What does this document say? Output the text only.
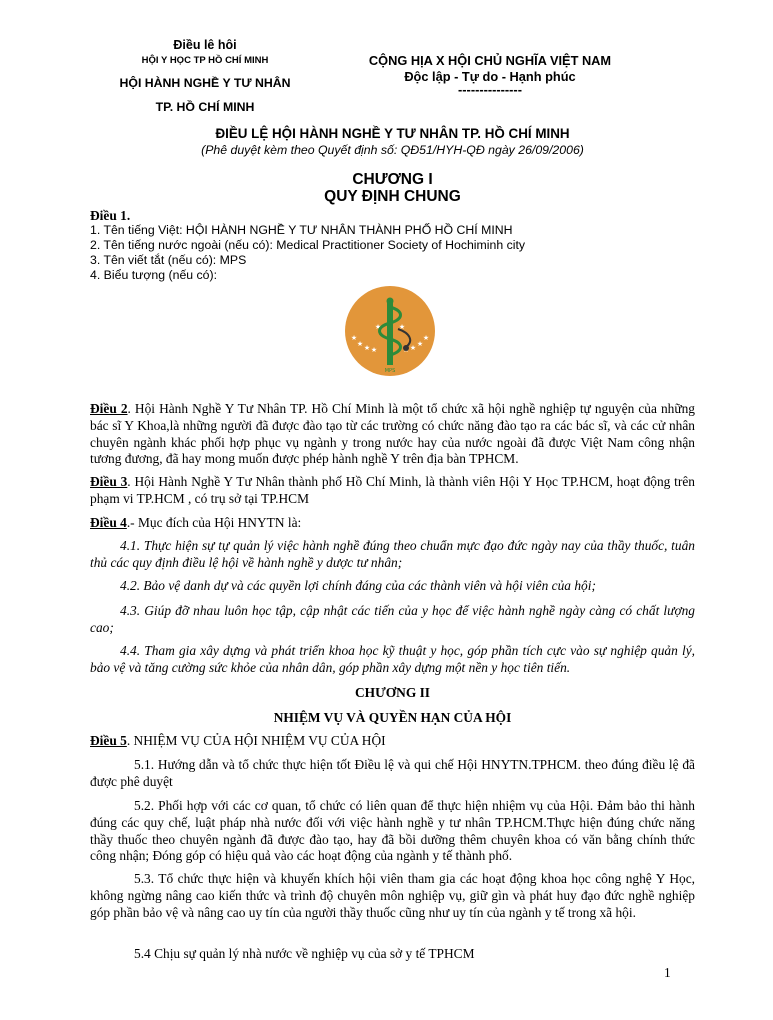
Điều lê hôi
HỘI Y HỌC TP HỒ CHÍ MINH
HỘI HÀNH NGHỀ Y TƯ NHÂN
TP. HỒ CHÍ MINH
CỘNG HỊA X HỘI CHỦ NGHĨA VIỆT NAM
Độc lập - Tự do - Hạnh phúc
---------------
ĐIỀU LỆ HỘI HÀNH NGHỀ Y TƯ NHÂN TP. HỒ CHÍ MINH
(Phê duyệt kèm theo Quyết định số: QĐ51/HYH-QĐ ngày 26/09/2006)
CHƯƠNG I
QUY ĐỊNH CHUNG
Điều 1.
1. Tên tiếng Việt: HỘI HÀNH NGHỀ Y TƯ NHÂN THÀNH PHỐ HỒ CHÍ MINH
2. Tên tiếng nước ngoài (nếu có): Medical Practitioner Society of Hochiminh city
3. Tên viết tắt (nếu có): MPS
4. Biểu tượng (nếu có):
★
★ ★ ★	★ ★
★
★	★
MPS
Điều 2. Hội Hành Nghề Y Tư Nhân TP. Hồ Chí Minh là một tổ chức xã hội nghề nghiệp tự nguyện của những bác sĩ Y Khoa,là những người đã được đào tạo từ các trường có chức năng đào tạo ra các bác sĩ, và các cử nhân chuyên ngành khác phối hợp phục vụ ngành y trong nước hay của nước ngoài đã được Việt Nam công nhận tương đương, đã hay mong muốn được phép hành nghề Y trên địa bàn TPHCM.
Điều 3. Hội Hành Nghề Y Tư Nhân thành phố Hồ Chí Minh, là thành viên Hội Y Học TP.HCM, hoạt động trên phạm vi TP.HCM , có trụ sở tại TP.HCM
Điều 4.- Mục đích của Hội HNYTN là:
4.1. Thực hiện sự tự quản lý việc hành nghề đúng theo chuẩn mực đạo đức ngày nay của thầy thuốc, tuân thủ các quy định điều lệ hội về hành nghề y dược tư nhân;
4.2. Bảo vệ danh dự và các quyền lợi chính đáng của các thành viên và hội viên của hội;
4.3. Giúp đỡ nhau luôn học tập, cập nhật các tiến của y học để việc hành nghề ngày càng có chất lượng cao;
4.4. Tham gia xây dựng và phát triển khoa học kỹ thuật y học, góp phần tích cực vào sự nghiệp quản lý, bảo vệ và tăng cường sức khỏe của nhân dân, góp phần xây dựng một nền y học tiên tiến.
CHƯƠNG II
NHIỆM VỤ VÀ QUYỀN HẠN CỦA HỘI
Điều 5. NHIỆM VỤ CỦA HỘI NHIỆM VỤ CỦA HỘI
5.1. Hướng dẫn và tổ chức thực hiện tốt Điều lệ và qui chế Hội HNYTN.TPHCM. theo đúng điều lệ đã được phê duyệt
5.2. Phối hợp với các cơ quan, tổ chức có liên quan để thực hiện nhiệm vụ của Hội. Đảm bảo thi hành đúng các quy chế, luật pháp nhà nước đối với việc hành nghề y tư nhân TP.HCM.Thực hiện đúng chức năng thầy thuốc theo chuyên ngành đã được đào tạo, hay đã bồi dưỡng thêm chuyên khoa có văn bằng chính thức công nhận; Đóng góp có hiệu quả vào các hoạt động của ngành y tế thành phố.
5.3. Tổ chức thực hiện và khuyến khích hội viên tham gia các hoạt động khoa học công nghệ Y Học, không ngừng nâng cao kiến thức và trình độ chuyên môn nghiệp vụ, giữ gìn và phát huy đạo đức nghề nghiệp góp phần bảo vệ và nâng cao uy tín của người thầy thuốc cũng như uy tín của ngành y tế trong xã hội.
5.4 Chịu sự quản lý nhà nước về nghiệp vụ của sở y tế TPHCM
1
